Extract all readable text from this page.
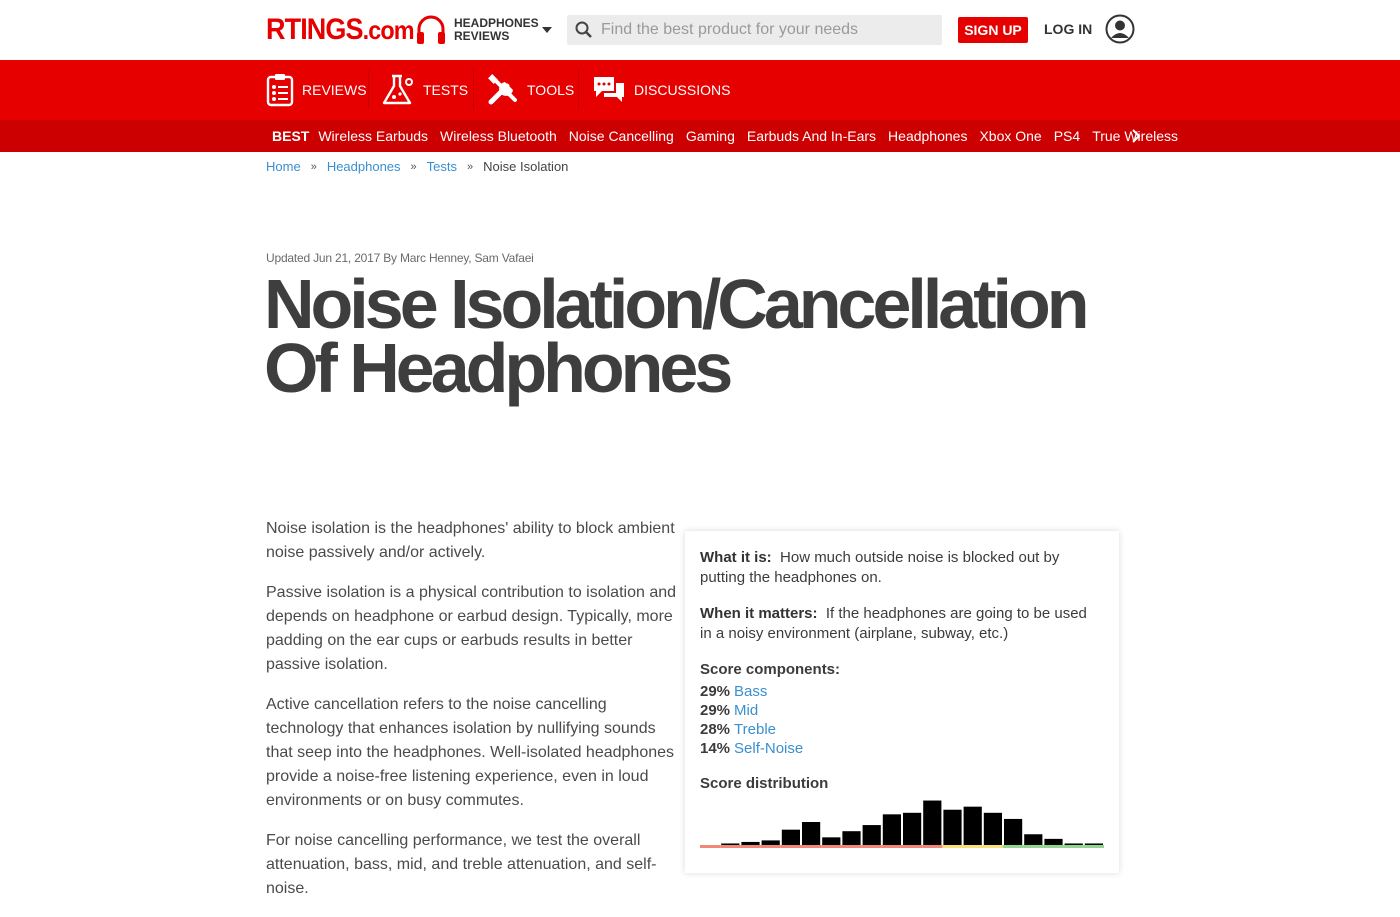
RTINGS .com	HEADPHONES REVIEWS
Find the best product for your needs	SIGN UP	LOG IN
REVIEWS	TESTS	TOOLS	DISCUSSIONS
BEST Wireless Earbuds Wireless Bluetooth Noise Cancelling Gaming Earbuds And In-Ears Headphones Xbox One PS4 True Wireless
Home » Headphones » Tests » Noise Isolation
Updated Jun 21, 2017 By Marc Henney, Sam Vafaei
Noise Isolation/Cancellation Of Headphones

Noise isolation is the headphones' ability to block ambient noise passively and/or actively.

Passive isolation is a physical contribution to isolation and depends on headphone or earbud design. Typically, more padding on the ear cups or earbuds results in better passive isolation.

Active cancellation refers to the noise cancelling technology that enhances isolation by nullifying sounds that seep into the headphones. Well-isolated headphones provide a noise-free listening experience, even in loud environments or on busy commutes.

For noise cancelling performance, we test the overall attenuation, bass, mid, and treble attenuation, and self-noise.

What it is: How much outside noise is blocked out by putting the headphones on.
When it matters: If the headphones are going to be used in a noisy environment (airplane, subway, etc.)
Score components:
29% Bass
29% Mid
28% Treble
14% Self-Noise
Score distribution
